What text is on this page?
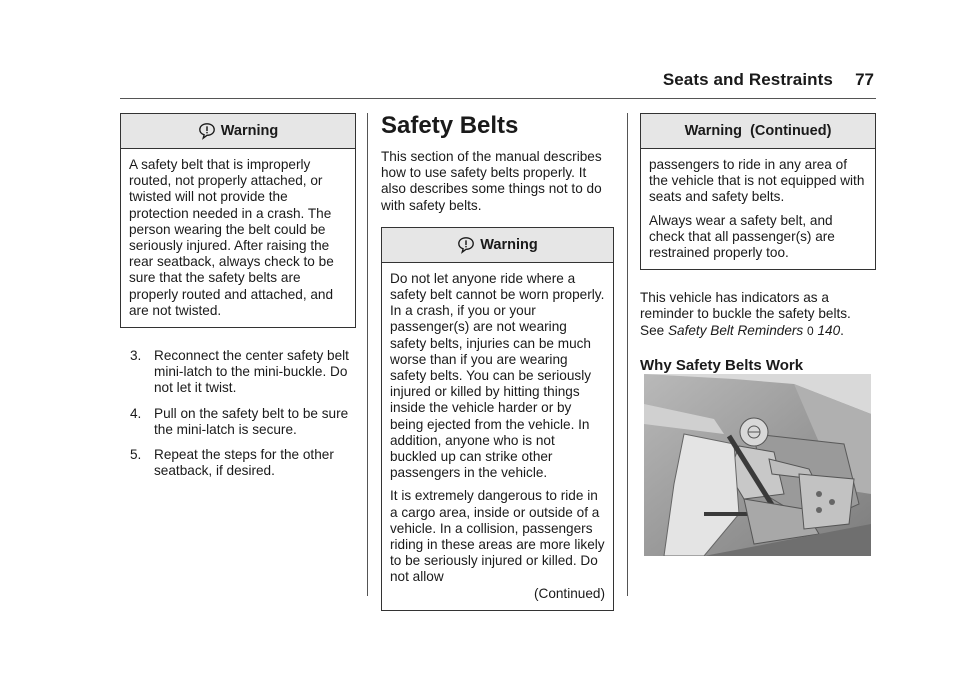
Seats and Restraints 77
Warning

A safety belt that is improperly routed, not properly attached, or twisted will not provide the protection needed in a crash. The person wearing the belt could be seriously injured. After raising the rear seatback, always check to be sure that the safety belts are properly routed and attached, and are not twisted.

3. Reconnect the center safety belt mini-latch to the mini-buckle. Do not let it twist.
4. Pull on the safety belt to be sure the mini-latch is secure.
5. Repeat the steps for the other seatback, if desired.
Safety Belts

This section of the manual describes how to use safety belts properly. It also describes some things not to do with safety belts.

Warning

Do not let anyone ride where a safety belt cannot be worn properly. In a crash, if you or your passenger(s) are not wearing safety belts, injuries can be much worse than if you are wearing safety belts. You can be seriously injured or killed by hitting things inside the vehicle harder or by being ejected from the vehicle. In addition, anyone who is not buckled up can strike other passengers in the vehicle.

It is extremely dangerous to ride in a cargo area, inside or outside of a vehicle. In a collision, passengers riding in these areas are more likely to be seriously injured or killed. Do not allow

(Continued)
Warning  (Continued)

passengers to ride in any area of the vehicle that is not equipped with seats and safety belts.

Always wear a safety belt, and check that all passenger(s) are restrained properly too.

This vehicle has indicators as a reminder to buckle the safety belts. See Safety Belt Reminders 0 140.

Why Safety Belts Work
